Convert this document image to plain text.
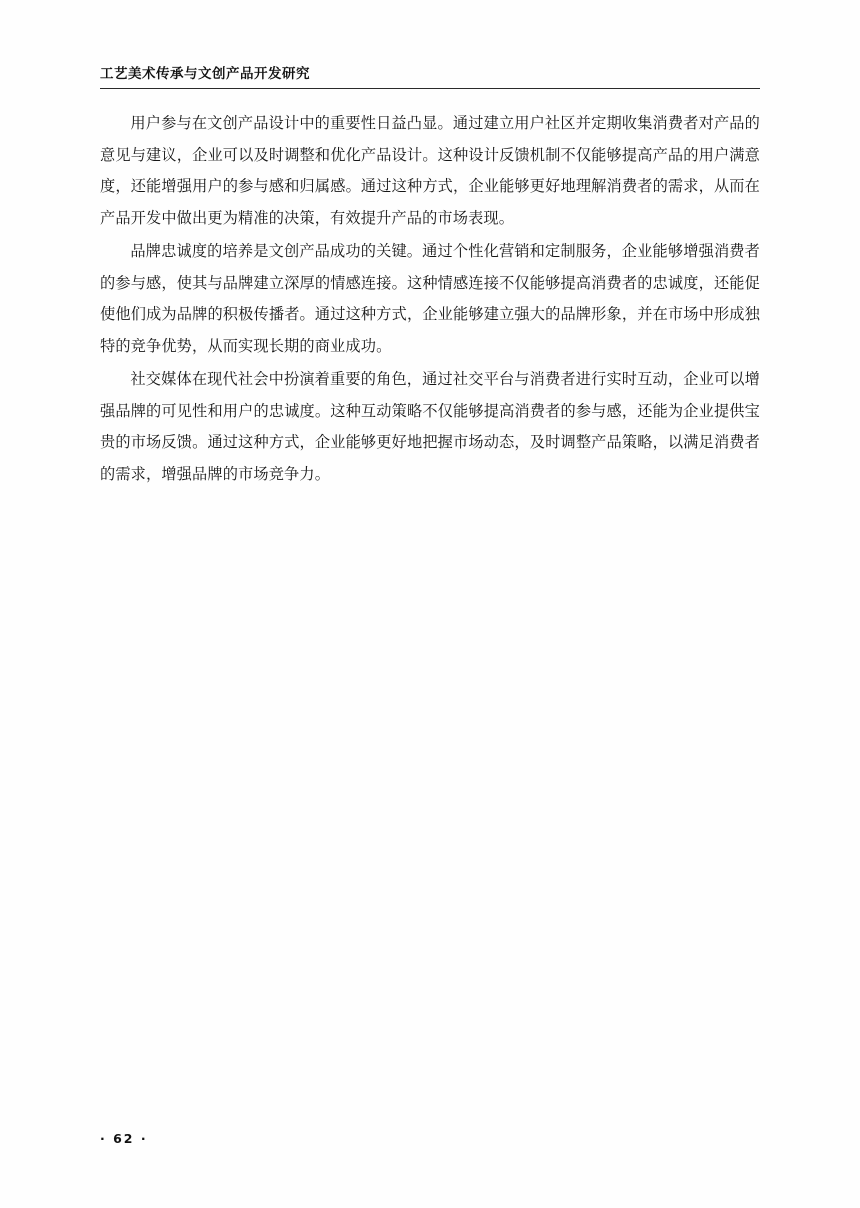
工艺美术传承与文创产品开发研究

用户参与在文创产品设计中的重要性日益凸显。通过建立用户社区并定期收集消费者对产品的意见与建议，企业可以及时调整和优化产品设计。这种设计反馈机制不仅能够提高产品的用户满意度，还能增强用户的参与感和归属感。通过这种方式，企业能够更好地理解消费者的需求，从而在产品开发中做出更为精准的决策，有效提升产品的市场表现。

品牌忠诚度的培养是文创产品成功的关键。通过个性化营销和定制服务，企业能够增强消费者的参与感，使其与品牌建立深厚的情感连接。这种情感连接不仅能够提高消费者的忠诚度，还能促使他们成为品牌的积极传播者。通过这种方式，企业能够建立强大的品牌形象，并在市场中形成独特的竞争优势，从而实现长期的商业成功。

社交媒体在现代社会中扮演着重要的角色，通过社交平台与消费者进行实时互动，企业可以增强品牌的可见性和用户的忠诚度。这种互动策略不仅能够提高消费者的参与感，还能为企业提供宝贵的市场反馈。通过这种方式，企业能够更好地把握市场动态，及时调整产品策略，以满足消费者的需求，增强品牌的市场竞争力。

· 62 ·
